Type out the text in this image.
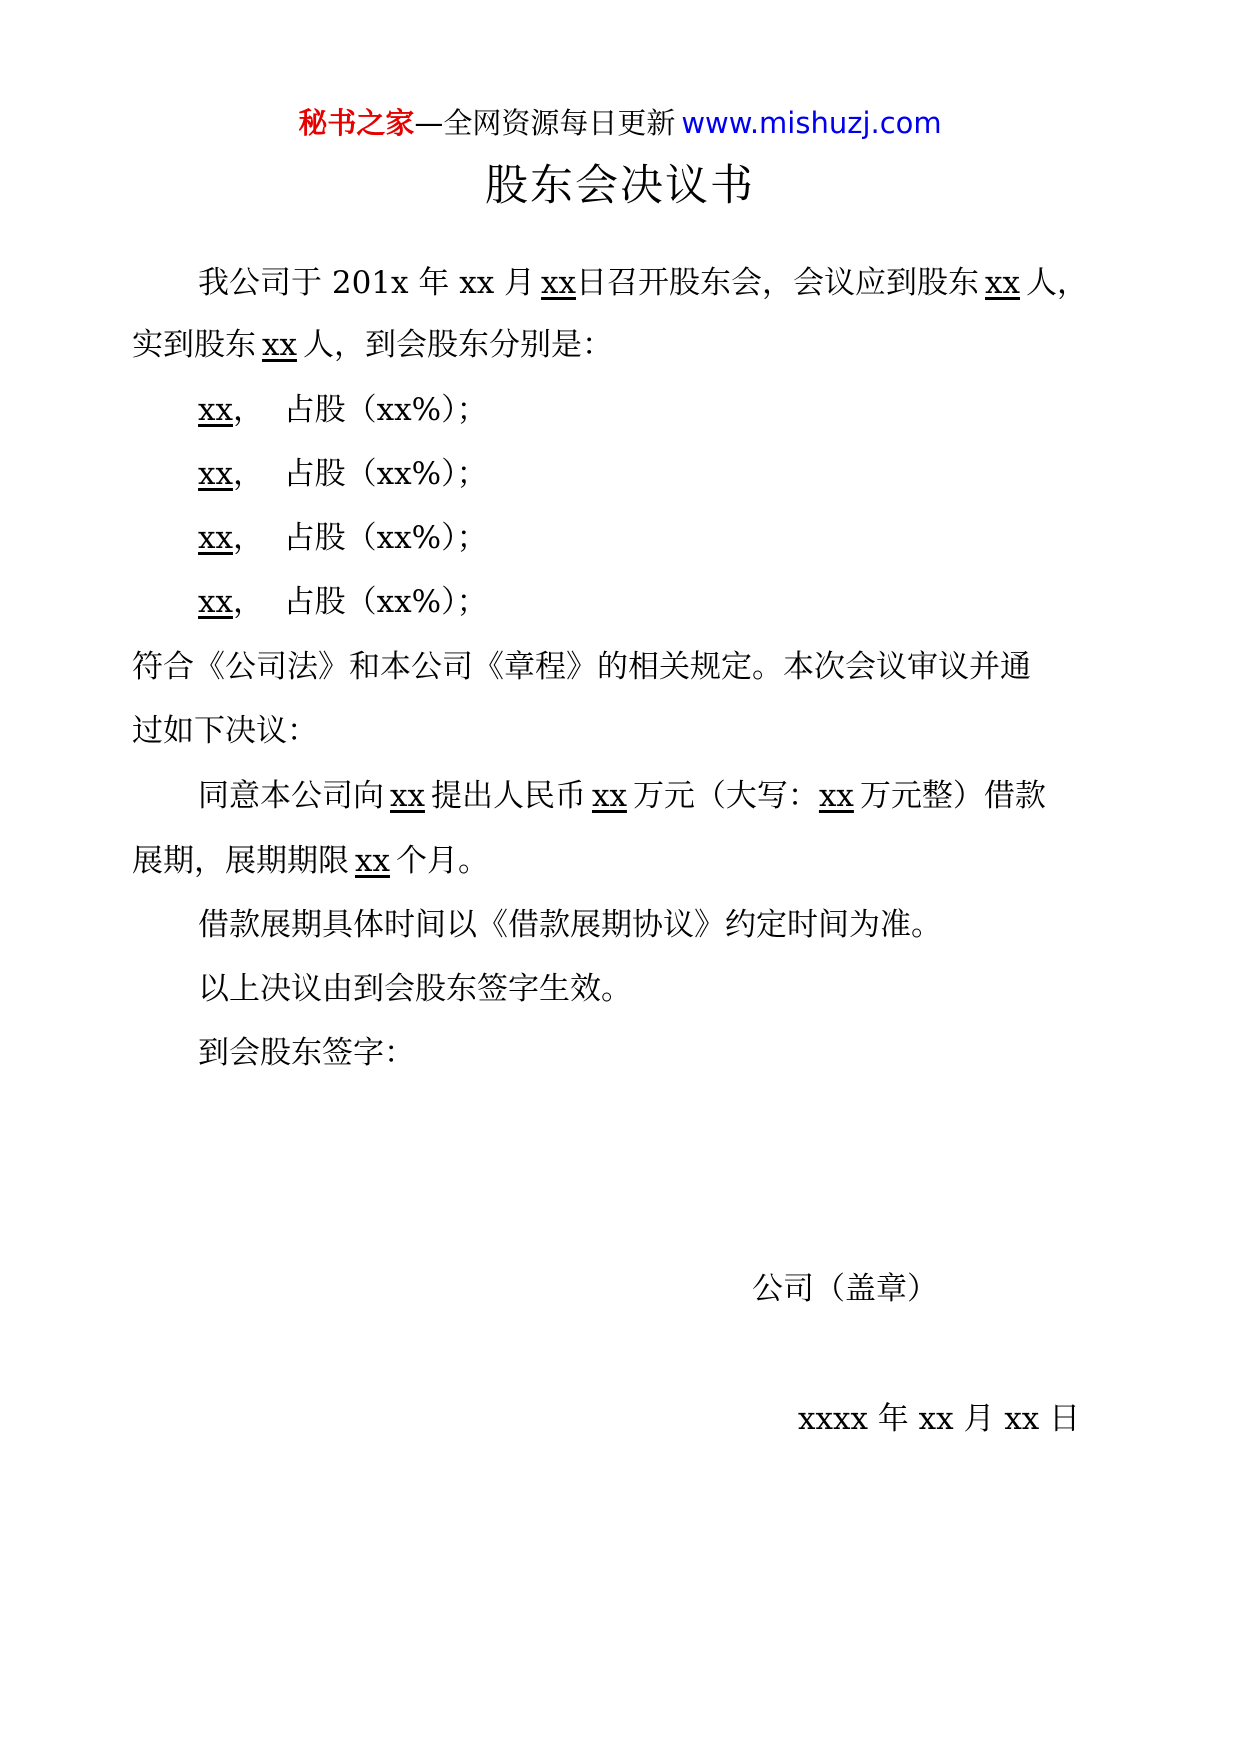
秘书之家—全网资源每日更新 www.mishuzj.com
股东会决议书
我公司于 201x 年 xx 月 xx日召开股东会，会议应到股东 xx 人，
实到股东 xx 人，到会股东分别是：
xx，  占股（xx%）；
xx，  占股（xx%）；
xx，  占股（xx%）；
xx，  占股（xx%）；
符合《公司法》和本公司《章程》的相关规定。本次会议审议并通
过如下决议：
同意本公司向 xx 提出人民币 xx 万元（大写：xx 万元整）借款
展期，展期期限 xx 个月。
借款展期具体时间以《借款展期协议》约定时间为准。
以上决议由到会股东签字生效。
到会股东签字：
公司（盖章）
xxxx 年 xx 月 xx 日
